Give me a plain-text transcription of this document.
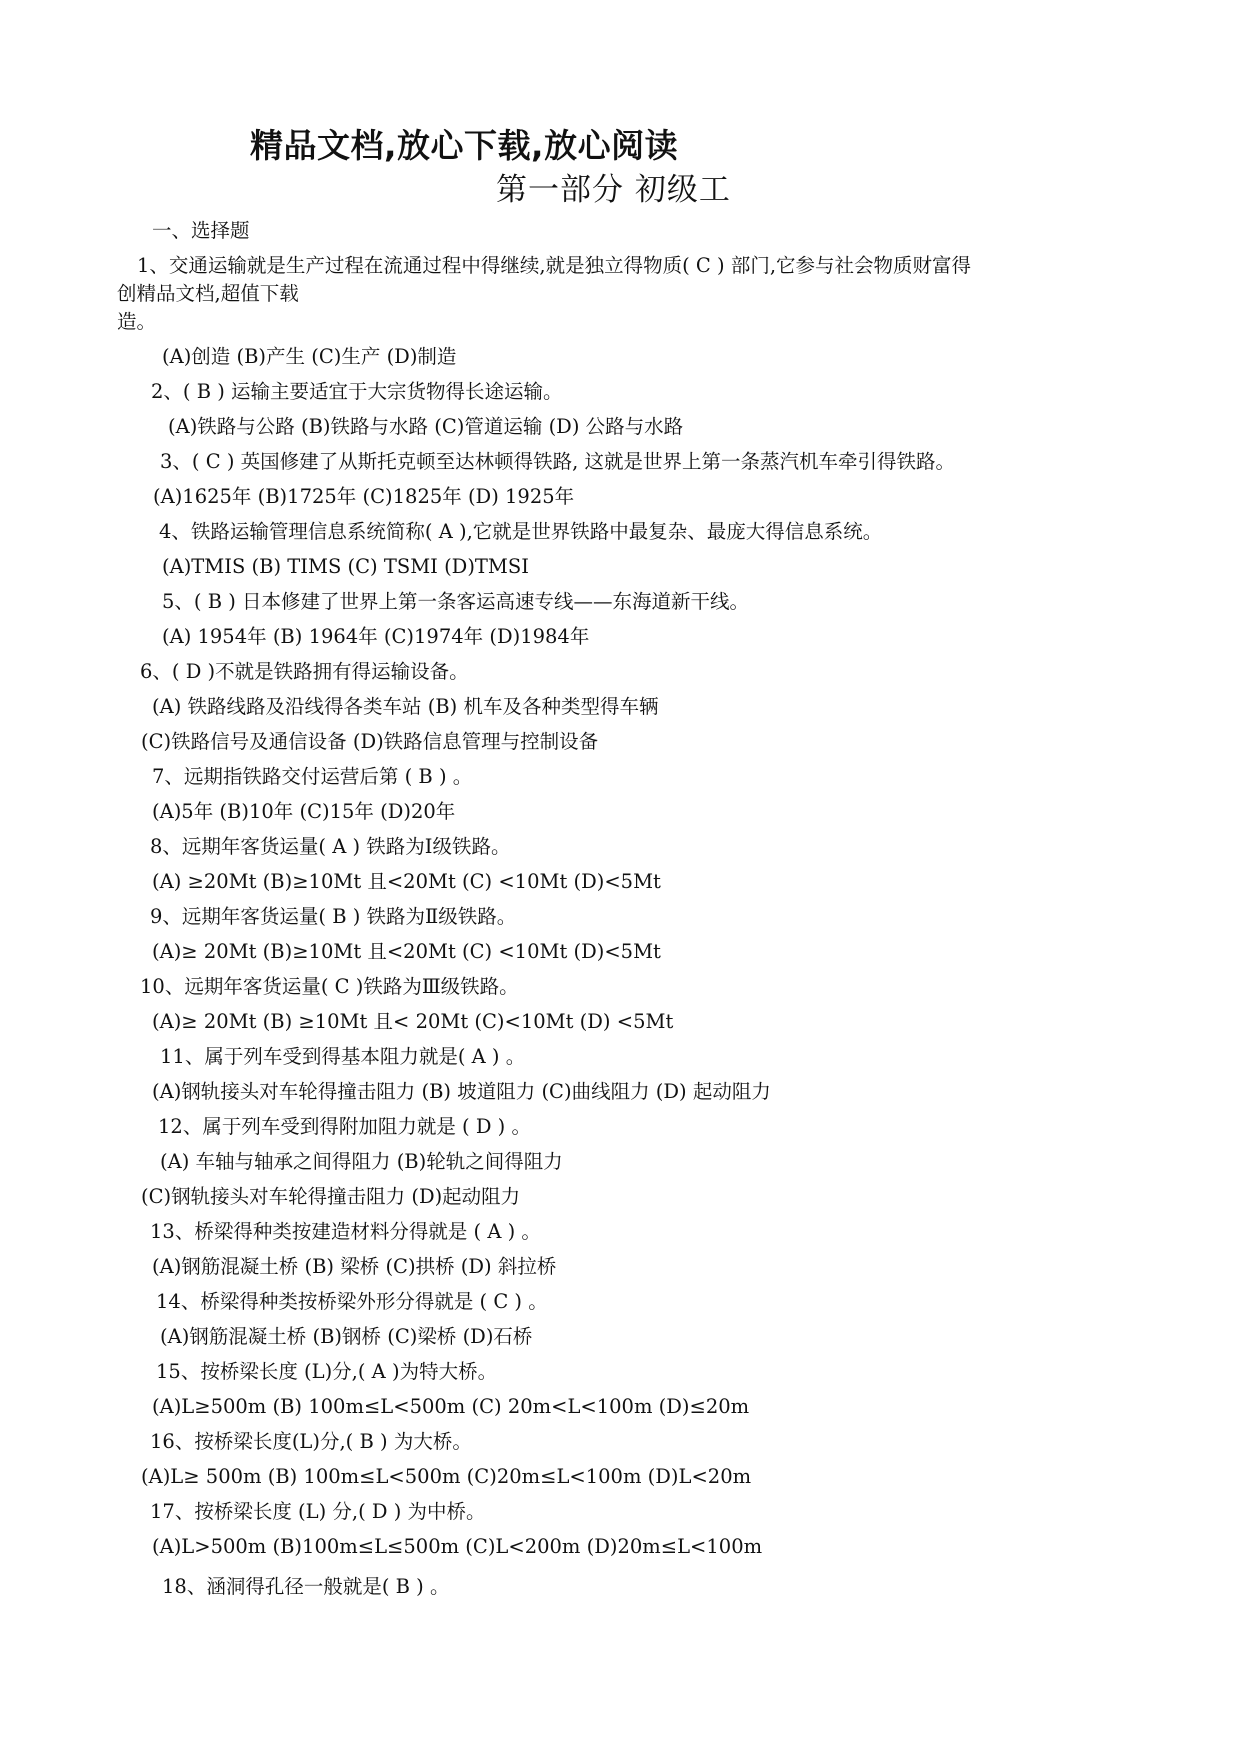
精品文档,放心下载,放心阅读
第一部分 初级工
一、选择题
1、交通运输就是生产过程在流通过程中得继续,就是独立得物质( C ) 部门,它参与社会物质财富得
创精品文档,超值下载
造。
(A)创造 (B)产生 (C)生产 (D)制造
2、( B ) 运输主要适宜于大宗货物得长途运输。
(A)铁路与公路 (B)铁路与水路 (C)管道运输 (D) 公路与水路
3、( C ) 英国修建了从斯托克顿至达林顿得铁路, 这就是世界上第一条蒸汽机车牵引得铁路。
(A)1625年 (B)1725年 (C)1825年 (D) 1925年
4、铁路运输管理信息系统简称( A ),它就是世界铁路中最复杂、最庞大得信息系统。
(A)TMIS (B) TIMS (C) TSMI (D)TMSI
5、( B ) 日本修建了世界上第一条客运高速专线——东海道新干线。
(A) 1954年 (B) 1964年 (C)1974年 (D)1984年
6、( D )不就是铁路拥有得运输设备。
(A) 铁路线路及沿线得各类车站 (B) 机车及各种类型得车辆
(C)铁路信号及通信设备 (D)铁路信息管理与控制设备
7、远期指铁路交付运营后第 ( B ) 。
(A)5年 (B)10年 (C)15年 (D)20年
8、远期年客货运量( A ) 铁路为Ⅰ级铁路。
(A) ≥20Mt (B)≥10Mt 且<20Mt (C) <10Mt (D)<5Mt
9、远期年客货运量( B ) 铁路为Ⅱ级铁路。
(A)≥ 20Mt (B)≥10Mt 且<20Mt (C) <10Mt (D)<5Mt
10、远期年客货运量( C )铁路为Ⅲ级铁路。
(A)≥ 20Mt (B) ≥10Mt 且< 20Mt (C)<10Mt (D) <5Mt
11、属于列车受到得基本阻力就是( A ) 。
(A)钢轨接头对车轮得撞击阻力 (B) 坡道阻力 (C)曲线阻力 (D) 起动阻力
12、属于列车受到得附加阻力就是 ( D ) 。
(A) 车轴与轴承之间得阻力 (B)轮轨之间得阻力
(C)钢轨接头对车轮得撞击阻力 (D)起动阻力
13、桥梁得种类按建造材料分得就是 ( A ) 。
(A)钢筋混凝土桥 (B) 梁桥 (C)拱桥 (D) 斜拉桥
14、桥梁得种类按桥梁外形分得就是 ( C ) 。
(A)钢筋混凝土桥 (B)钢桥 (C)梁桥 (D)石桥
15、按桥梁长度 (L)分,( A )为特大桥。
(A)L≥500m (B) 100m≤L<500m (C) 20m<L<100m (D)≤20m
16、按桥梁长度(L)分,( B ) 为大桥。
(A)L≥ 500m (B) 100m≤L<500m (C)20m≤L<100m (D)L<20m
17、按桥梁长度 (L) 分,( D ) 为中桥。
(A)L>500m (B)100m≤L≤500m (C)L<200m (D)20m≤L<100m
18、涵洞得孔径一般就是( B ) 。
